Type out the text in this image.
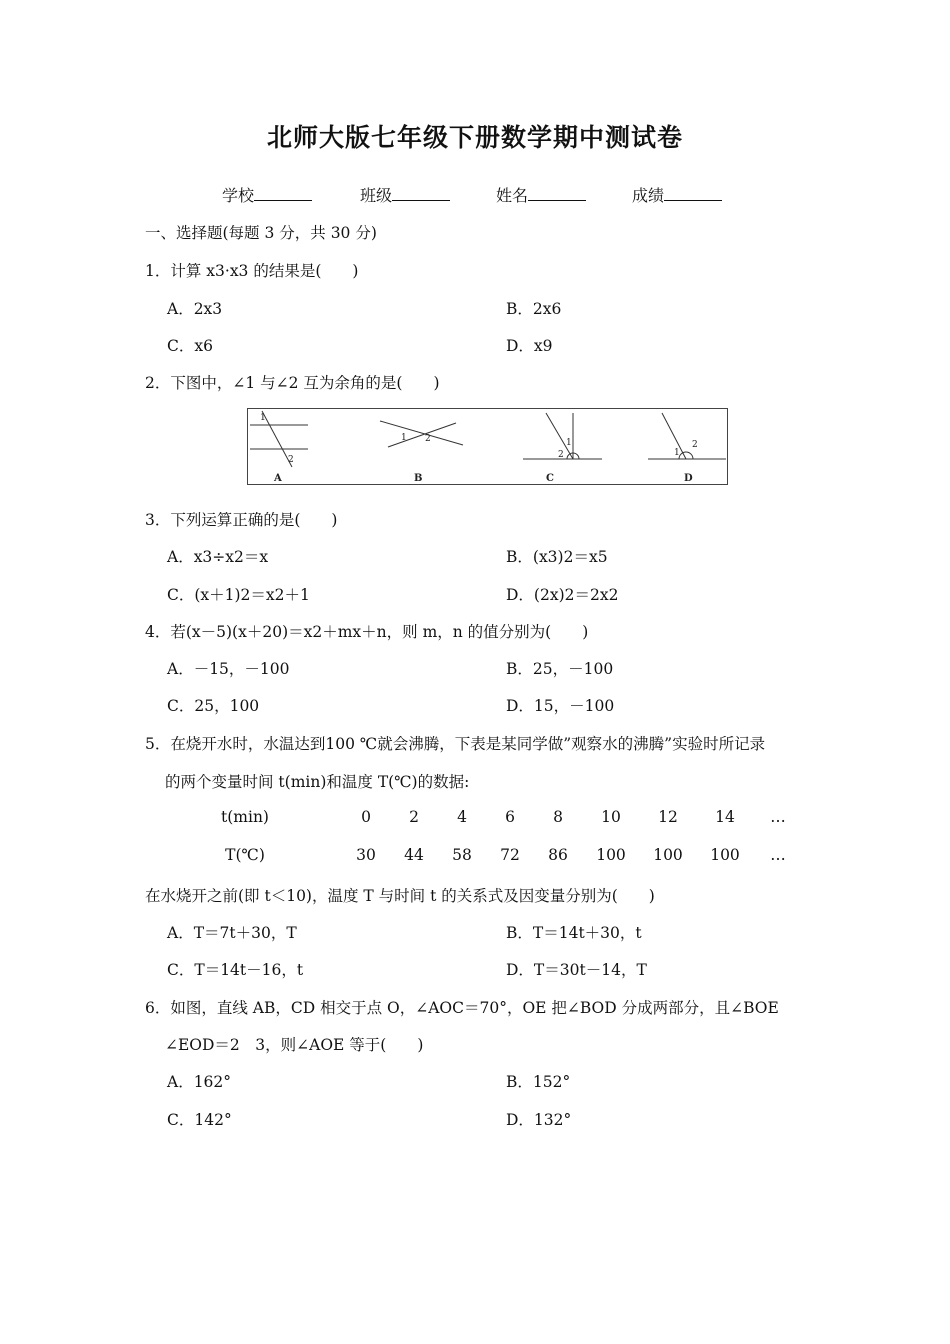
北师大版七年级下册数学期中测试卷
学校	班级	姓名	成绩
一、选择题(每题 3 分，共 30 分)
1．计算 x3·x3 的结果是(　　)
A．2x3	B．2x6
C．x6	D．x9
2．下图中，∠1 与∠2 互为余角的是(　　)
1
2
1 2	1
2	1
2
A	B	C	D
3．下列运算正确的是(　　)
A．x3÷x2＝x	B．(x3)2＝x5
C．(x＋1)2＝x2＋1	D．(2x)2＝2x2
4．若(x－5)(x＋20)＝x2＋mx＋n，则 m，n 的值分别为(　　)
A．－15，－100	B．25，－100
C．25，100	D．15，－100
5．在烧开水时，水温达到100 ℃就会沸腾，下表是某同学做”观察水的沸腾”实验时所记录
的两个变量时间 t(min)和温度 T(℃)的数据:
t(min)	0	2	4	6	8	10	12	14	…
T(℃)	30	44	58	72	86	100	100	100	…
在水烧开之前(即 t＜10)，温度 T 与时间 t 的关系式及因变量分别为(　　)
A．T＝7t＋30，T	B．T＝14t＋30，t
C．T＝14t－16，t	D．T＝30t－14，T
6．如图，直线 AB，CD 相交于点 O，∠AOC＝70°，OE 把∠BOD 分成两部分，且∠BOE
∠EOD＝2　3，则∠AOE 等于(　　)
A．162°	B．152°
C．142°	D．132°
